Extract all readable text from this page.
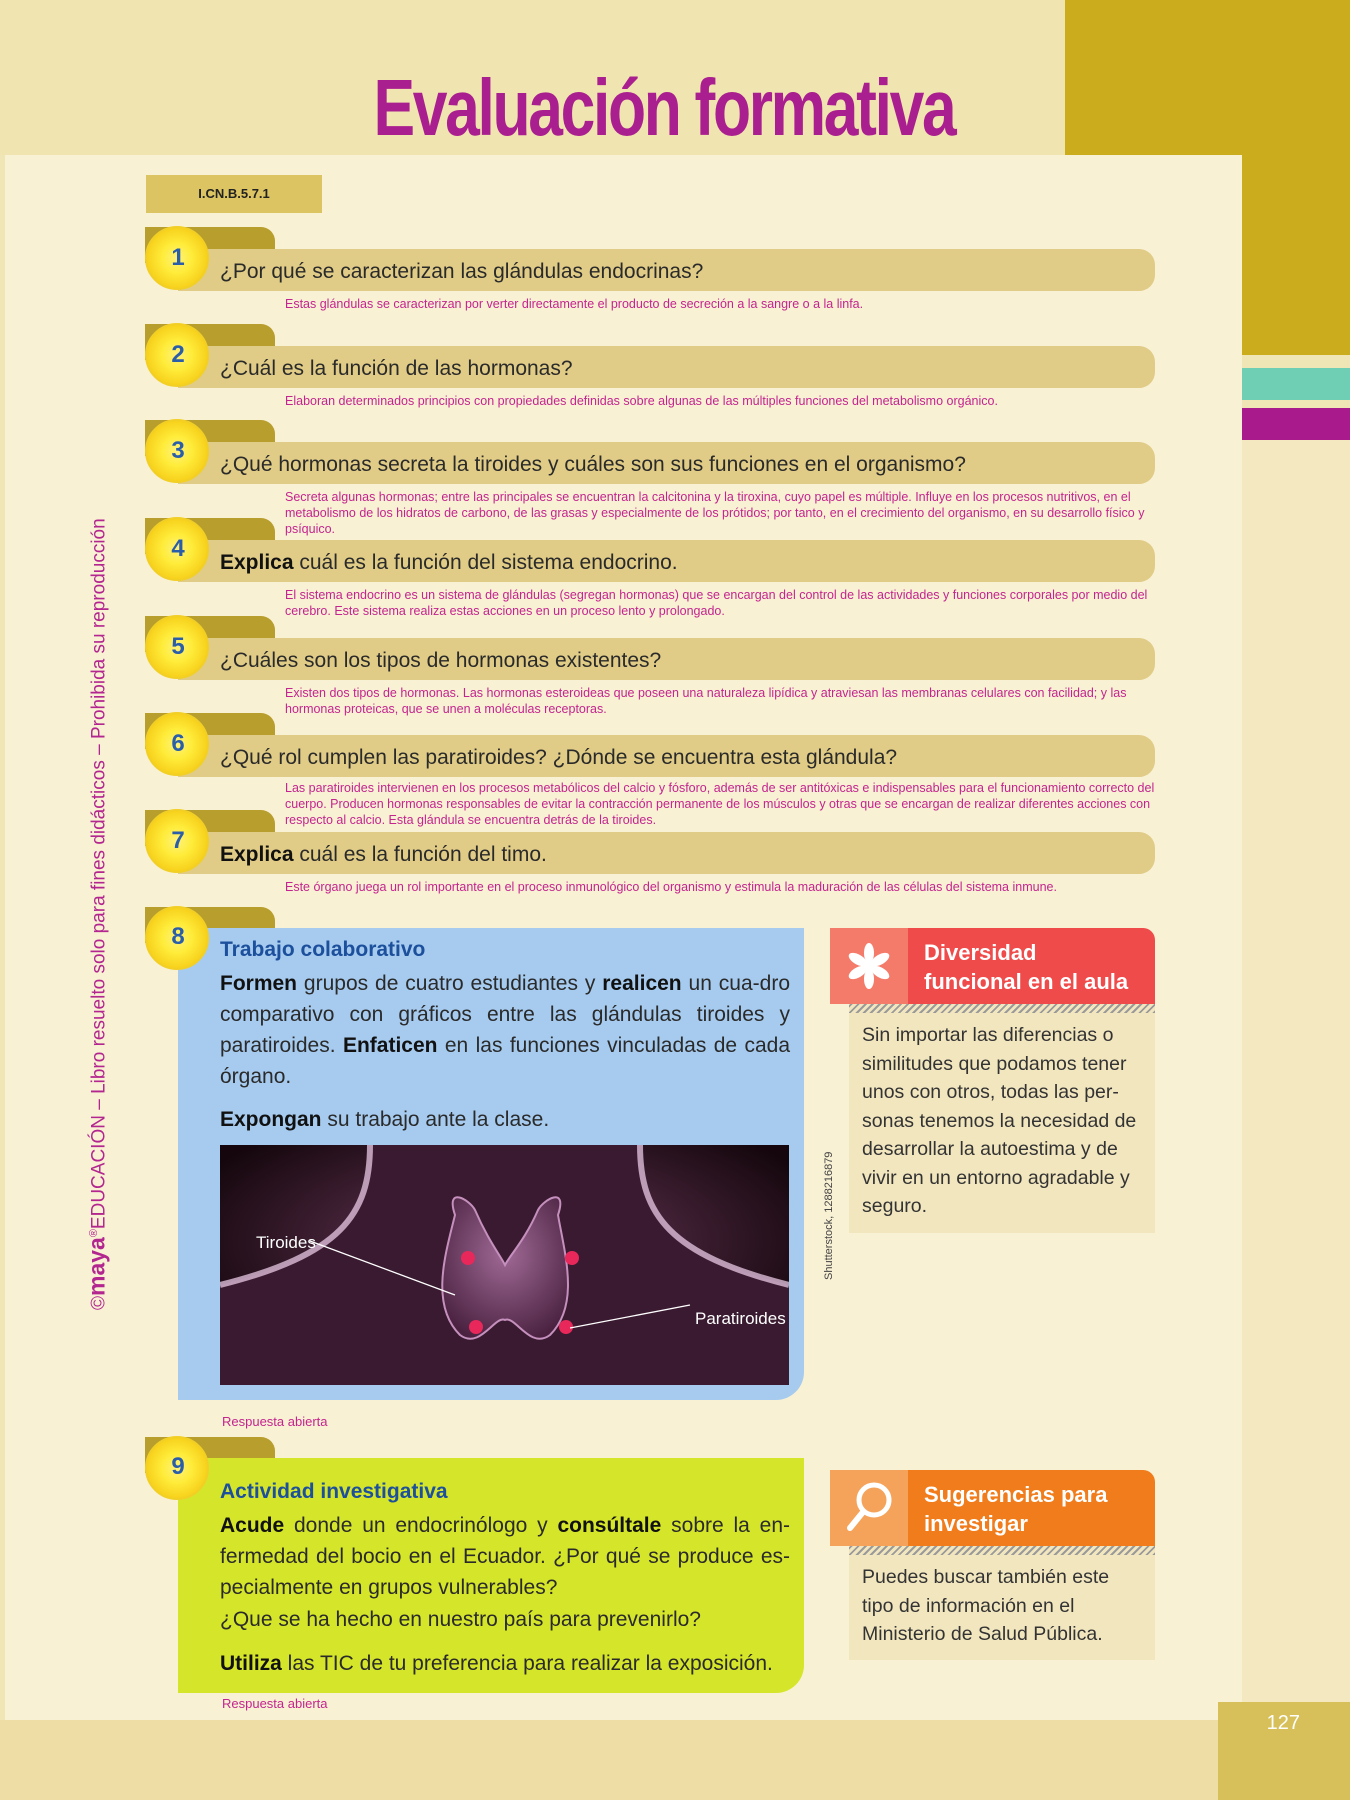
127
Evaluación formativa
I.CN.B.5.7.1
©maya®EDUCACIÓN – Libro resuelto solo para fines didácticos – Prohibida su reproducción
1
¿Por qué se caracterizan las glándulas endocrinas?
Estas glándulas se caracterizan por verter directamente el producto de secreción a la sangre o a la linfa.
2
¿Cuál es la función de las hormonas?
Elaboran determinados principios con propiedades definidas sobre algunas de las múltiples funciones del metabolismo orgánico.
3
¿Qué hormonas secreta la tiroides y cuáles son sus funciones en el organismo?
Secreta algunas hormonas; entre las principales se encuentran la calcitonina y la tiroxina, cuyo papel es múltiple. Influye en los procesos nutritivos, en el metabolismo de los hidratos de carbono, de las grasas y especialmente de los prótidos; por tanto, en el crecimiento del organismo, en su desarrollo físico y psíquico.
4
Explica cuál es la función del sistema endocrino.
El sistema endocrino es un sistema de glándulas (segregan hormonas) que se encargan del control de las actividades y funciones corporales por medio del cerebro. Este sistema realiza estas acciones en un proceso lento y prolongado.
5
¿Cuáles son los tipos de hormonas existentes?
Existen dos tipos de hormonas. Las hormonas esteroideas que poseen una naturaleza lipídica y atraviesan las membranas celulares con facilidad; y las hormonas proteicas, que se unen a moléculas receptoras.
6
¿Qué rol cumplen las paratiroides? ¿Dónde se encuentra esta glándula?
Las paratiroides intervienen en los procesos metabólicos del calcio y fósforo, además de ser antitóxicas e indispensables para el funcionamiento correcto del cuerpo. Producen hormonas responsables de evitar la contracción permanente de los músculos y otras que se encargan de realizar diferentes acciones con respecto al calcio. Esta glándula se encuentra detrás de la tiroides.
7
Explica cuál es la función del timo.
Este órgano juega un rol importante en el proceso inmunológico del organismo y estimula la maduración de las células del sistema inmune.
8	Trabajo colaborativo
Formen grupos de cuatro estudiantes y realicen un cua-dro comparativo con gráficos entre las glándulas tiroides y paratiroides. Enfaticen en las funciones vinculadas de cada órgano.
Expongan su trabajo ante la clase.
Tiroides
Paratiroides
Shutterstock, 1288216879
Respuesta abierta
Diversidad
funcional en el aula
Sin importar las diferencias o similitudes que podamos tener unos con otros, todas las per-sonas tenemos la necesidad de desarrollar la autoestima y de vivir en un entorno agradable y seguro.
9
Actividad investigativa
Acude donde un endocrinólogo y consúltale sobre la en-fermedad del bocio en el Ecuador. ¿Por qué se produce es-pecialmente en grupos vulnerables?
¿Que se ha hecho en nuestro país para prevenirlo?
Utiliza las TIC de tu preferencia para realizar la exposición.
Respuesta abierta
Sugerencias para
investigar
Puedes buscar también este tipo de información en el Ministerio de Salud Pública.
